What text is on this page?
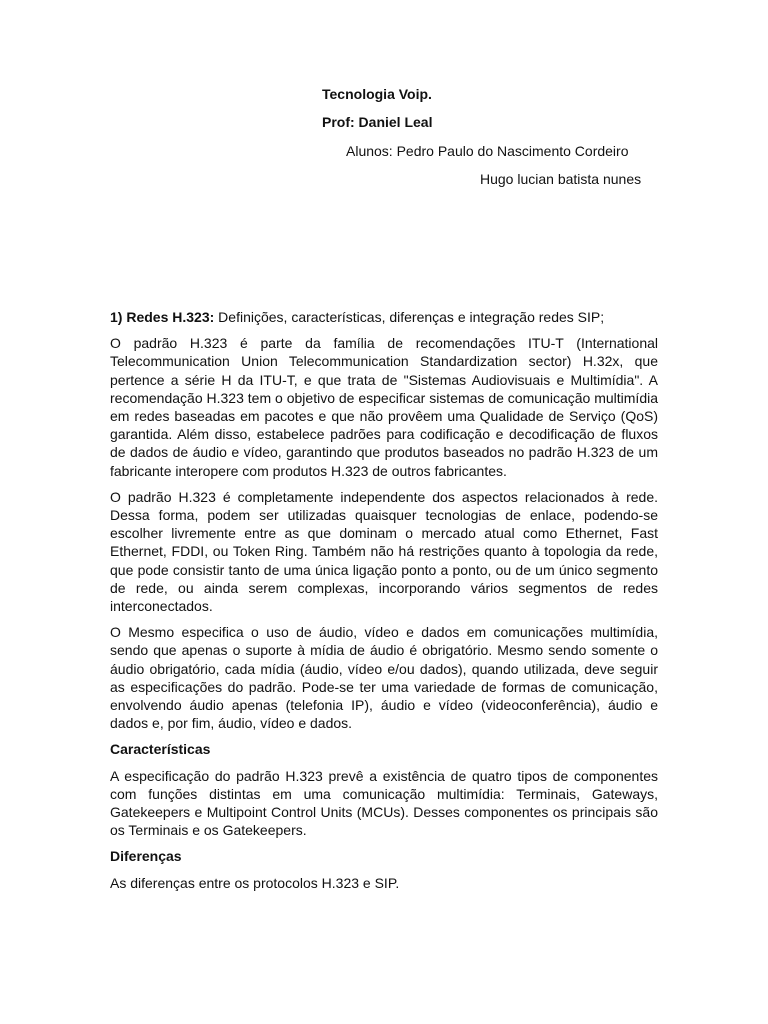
Tecnologia Voip.
Prof: Daniel Leal
Alunos: Pedro Paulo do Nascimento Cordeiro
Hugo lucian batista nunes

1) Redes H.323: Definições, características, diferenças e integração redes SIP;

O padrão H.323 é parte da família de recomendações ITU-T (International Telecommunication Union Telecommunication Standardization sector) H.32x, que pertence a série H da ITU-T, e que trata de "Sistemas Audiovisuais e Multimídia". A recomendação H.323 tem o objetivo de especificar sistemas de comunicação multimídia em redes baseadas em pacotes e que não provêem uma Qualidade de Serviço (QoS) garantida. Além disso, estabelece padrões para codificação e decodificação de fluxos de dados de áudio e vídeo, garantindo que produtos baseados no padrão H.323 de um fabricante interopere com produtos H.323 de outros fabricantes.

O padrão H.323 é completamente independente dos aspectos relacionados à rede. Dessa forma, podem ser utilizadas quaisquer tecnologias de enlace, podendo-se escolher livremente entre as que dominam o mercado atual como Ethernet, Fast Ethernet, FDDI, ou Token Ring. Também não há restrições quanto à topologia da rede, que pode consistir tanto de uma única ligação ponto a ponto, ou de um único segmento de rede, ou ainda serem complexas, incorporando vários segmentos de redes interconectados.

O Mesmo especifica o uso de áudio, vídeo e dados em comunicações multimídia, sendo que apenas o suporte à mídia de áudio é obrigatório. Mesmo sendo somente o áudio obrigatório, cada mídia (áudio, vídeo e/ou dados), quando utilizada, deve seguir as especificações do padrão. Pode-se ter uma variedade de formas de comunicação, envolvendo áudio apenas (telefonia IP), áudio e vídeo (videoconferência), áudio e dados e, por fim, áudio, vídeo e dados.

Características

A especificação do padrão H.323 prevê a existência de quatro tipos de componentes com funções distintas em uma comunicação multimídia: Terminais, Gateways, Gatekeepers e Multipoint Control Units (MCUs). Desses componentes os principais são os Terminais e os Gatekeepers.

Diferenças

As diferenças entre os protocolos H.323 e SIP.
